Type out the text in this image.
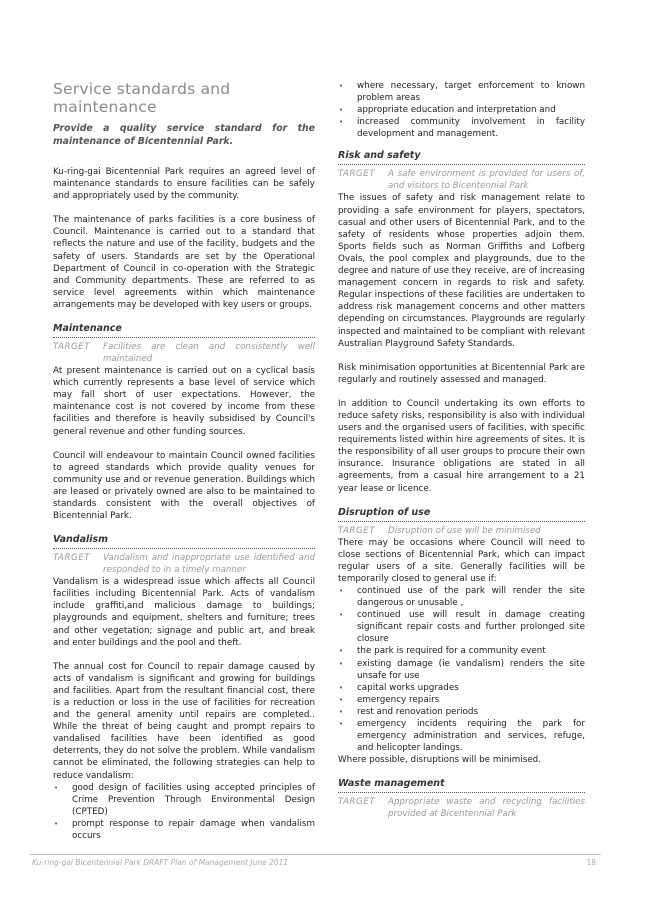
Service standards and maintenance
Provide a quality service standard for the maintenance of Bicentennial Park.

Ku-ring-gai Bicentennial Park requires an agreed level of maintenance standards to ensure facilities can be safely and appropriately used by the community.

The maintenance of parks facilities is a core business of Council. Maintenance is carried out to a standard that reflects the nature and use of the facility, budgets and the safety of users. Standards are set by the Operational Department of Council in co-operation with the Strategic and Community departments. These are referred to as service level agreements within which maintenance arrangements may be developed with key users or groups.

Maintenance
TARGET	Facilities are clean and consistently well maintained

At present maintenance is carried out on a cyclical basis which currently represents a base level of service which may fall short of user expectations. However, the maintenance cost is not covered by income from these facilities and therefore is heavily subsidised by Council's general revenue and other funding sources.

Council will endeavour to maintain Council owned facilities to agreed standards which provide quality venues for community use and or revenue generation. Buildings which are leased or privately owned are also to be maintained to standards consistent with the overall objectives of Bicentennial Park.

Vandalism
TARGET	Vandalism and inappropriate use identified and responded to in a timely manner

Vandalism is a widespread issue which affects all Council facilities including Bicentennial Park. Acts of vandalism include graffiti,and malicious damage to buildings; playgrounds and equipment, shelters and furniture; trees and other vegetation; signage and public art, and break and enter buildings and the pool and theft.

The annual cost for Council to repair damage caused by acts of vandalism is significant and growing for buildings and facilities. Apart from the resultant financial cost, there is a reduction or loss in the use of facilities for recreation and the general amenity until repairs are completed.. While the threat of being caught and prompt repairs to vandalised facilities have been identified as good deterrents, they do not solve the problem. While vandalism cannot be eliminated, the following strategies can help to reduce vandalism:

• good design of facilities using accepted principles of Crime Prevention Through Environmental Design (CPTED)
• prompt response to repair damage when vandalism occurs
• where necessary, target enforcement to known problem areas
• appropriate education and interpretation and
• increased community involvement in facility development and management.
Risk and safety
TARGET	A safe environment is provided for users of, and visitors to Bicentennial Park

The issues of safety and risk management relate to providing a safe environment for players, spectators, casual and other users of Bicentennial Park, and to the safety of residents whose properties adjoin them. Sports fields such as Norman Griffiths and Lofberg Ovals, the pool complex and playgrounds, due to the degree and nature of use they receive, are of increasing management concern in regards to risk and safety. Regular inspections of these facilities are undertaken to address risk management concerns and other matters depending on circumstances. Playgrounds are regularly inspected and maintained to be compliant with relevant Australian Playground Safety Standards.

Risk minimisation opportunities at Bicentennial Park are regularly and routinely assessed and managed.

In addition to Council undertaking its own efforts to reduce safety risks, responsibility is also with individual users and the organised users of facilities, with specific requirements listed within hire agreements of sites. It is the responsibility of all user groups to procure their own insurance. Insurance obligations are stated in all agreements, from a casual hire arrangement to a 21 year lease or licence.

Disruption of use
TARGET	Disruption of use will be minimised

There may be occasions where Council will need to close sections of Bicentennial Park, which can impact regular users of a site. Generally facilities will be temporarily closed to general use if:

• continued use of the park will render the site dangerous or unusable ,
• continued use will result in damage creating significant repair costs and further prolonged site closure
• the park is required for a community event
• existing damage (ie vandalism) renders the site unsafe for use
• capital works upgrades
• emergency repairs
• rest and renovation periods
• emergency incidents requiring the park for emergency administration and services, refuge, and helicopter landings.

Where possible, disruptions will be minimised.

Waste management
TARGET	Appropriate waste and recycling facilities provided at Bicentennial Park
Ku-ring-gai Bicentennial Park DRAFT Plan of Management June 2011	18
